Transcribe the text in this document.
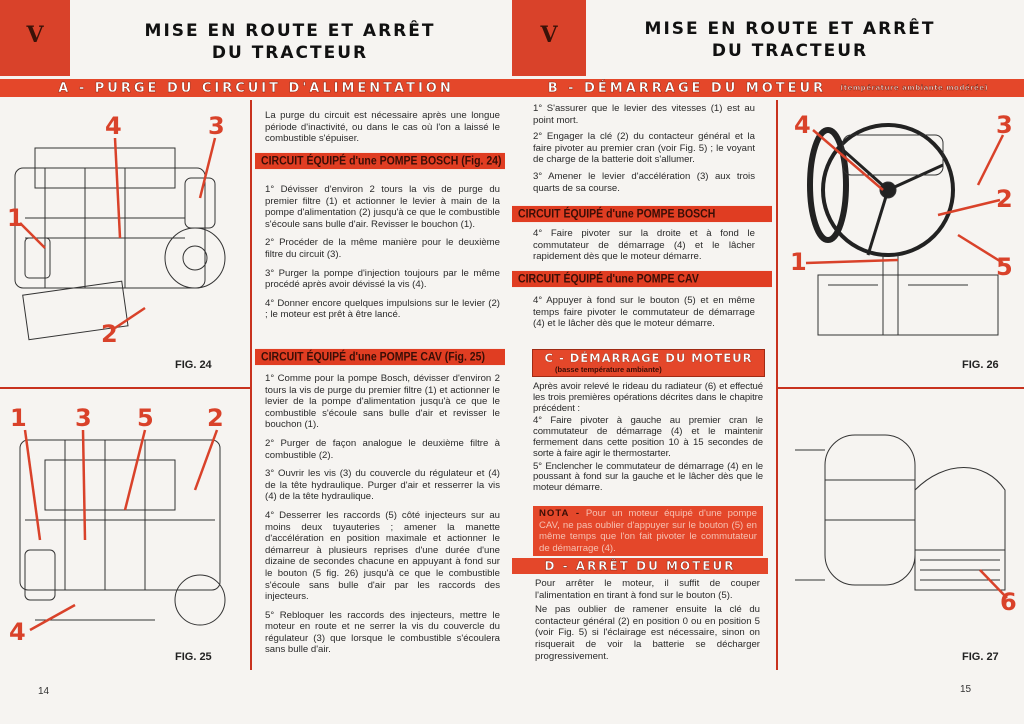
V	MISE EN ROUTE ET ARRÊT
DU TRACTEUR
A - PURGE DU CIRCUIT D'ALIMENTATION
4	3
1
2
FIG. 24
1 3 5 2
4
FIG. 25
La purge du circuit est nécessaire après une longue période d'inactivité, ou dans le cas où l'on a laissé le combustible s'épuiser.
CIRCUIT ÉQUIPÉ d'une POMPE BOSCH (Fig. 24)

1° Dévisser d'environ 2 tours la vis de purge du premier filtre (1) et actionner le levier à main de la pompe d'alimentation (2) jusqu'à ce que le combustible s'écoule sans bulle d'air. Revisser le bouchon (1).

2° Procéder de la même manière pour le deuxième filtre du circuit (3).

3° Purger la pompe d'injection toujours par le même procédé après avoir dévissé la vis (4).

4° Donner encore quelques impulsions sur le levier (2) ; le moteur est prêt à être lancé.

CIRCUIT ÉQUIPÉ d'une POMPE CAV (Fig. 25)

1° Comme pour la pompe Bosch, dévisser d'environ 2 tours la vis de purge du premier filtre (1) et actionner le levier de la pompe d'alimentation jusqu'à ce que le combustible s'écoule sans bulle d'air et revisser le bouchon (1).

2° Purger de façon analogue le deuxième filtre à combustible (2).

3° Ouvrir les vis (3) du couvercle du régulateur et (4) de la tête hydraulique. Purger d'air et resserrer la vis (4) de la tête hydraulique.

4° Desserrer les raccords (5) côté injecteurs sur au moins deux tuyauteries ; amener la manette d'accélération en position maximale et actionner le démarreur à plusieurs reprises d'une durée d'une dizaine de secondes chacune en appuyant à fond sur le bouton (5 fig. 26) jusqu'à ce que le combustible s'écoule sans bulle d'air par les raccords des injecteurs.

5° Rebloquer les raccords des injecteurs, mettre le moteur en route et ne serrer la vis du couvercle du régulateur (3) que lorsque le combustible s'écoulera sans bulle d'air.

14
V	MISE EN ROUTE ET ARRÊT
DU TRACTEUR
B - DÉMARRAGE DU MOTEUR (température ambiante modérée)

1° S'assurer que le levier des vitesses (1) est au point mort.

2° Engager la clé (2) du contacteur général et la faire pivoter au premier cran (voir Fig. 5) ; le voyant de charge de la batterie doit s'allumer.

3° Amener le levier d'accélération (3) aux trois quarts de sa course.

CIRCUIT ÉQUIPÉ d'une POMPE BOSCH
4° Faire pivoter sur la droite et à fond le commutateur de démarrage (4) et le lâcher rapidement dès que le moteur démarre.
CIRCUIT ÉQUIPÉ d'une POMPE CAV
4° Appuyer à fond sur le bouton (5) et en même temps faire pivoter le commutateur de démarrage (4) et le lâcher dès que le moteur démarre.
C - DÉMARRAGE DU MOTEUR
(basse température ambiante)

Après avoir relevé le rideau du radiateur (6) et effectué les trois premières opérations décrites dans le chapitre précédent :

4° Faire pivoter à gauche au premier cran le commutateur de démarrage (4) et le maintenir fermement dans cette position 10 à 15 secondes de sorte à faire agir le thermostarter.

5° Enclencher le commutateur de démarrage (4) en le poussant à fond sur la gauche et le lâcher dès que le moteur démarre.

NOTA - Pour un moteur équipé d'une pompe CAV, ne pas oublier d'appuyer sur le bouton (5) en même temps que l'on fait pivoter le commutateur de démarrage (4).
D - ARRÊT DU MOTEUR

Pour arrêter le moteur, il suffit de couper l'alimentation en tirant à fond sur le bouton (5).

Ne pas oublier de ramener ensuite la clé du contacteur général (2) en position 0 ou en position 5 (voir Fig. 5) si l'éclairage est nécessaire, sinon on risquerait de voir la batterie se décharger progressivement.

4	3
2
1	5
FIG. 26
6
FIG. 27
15
